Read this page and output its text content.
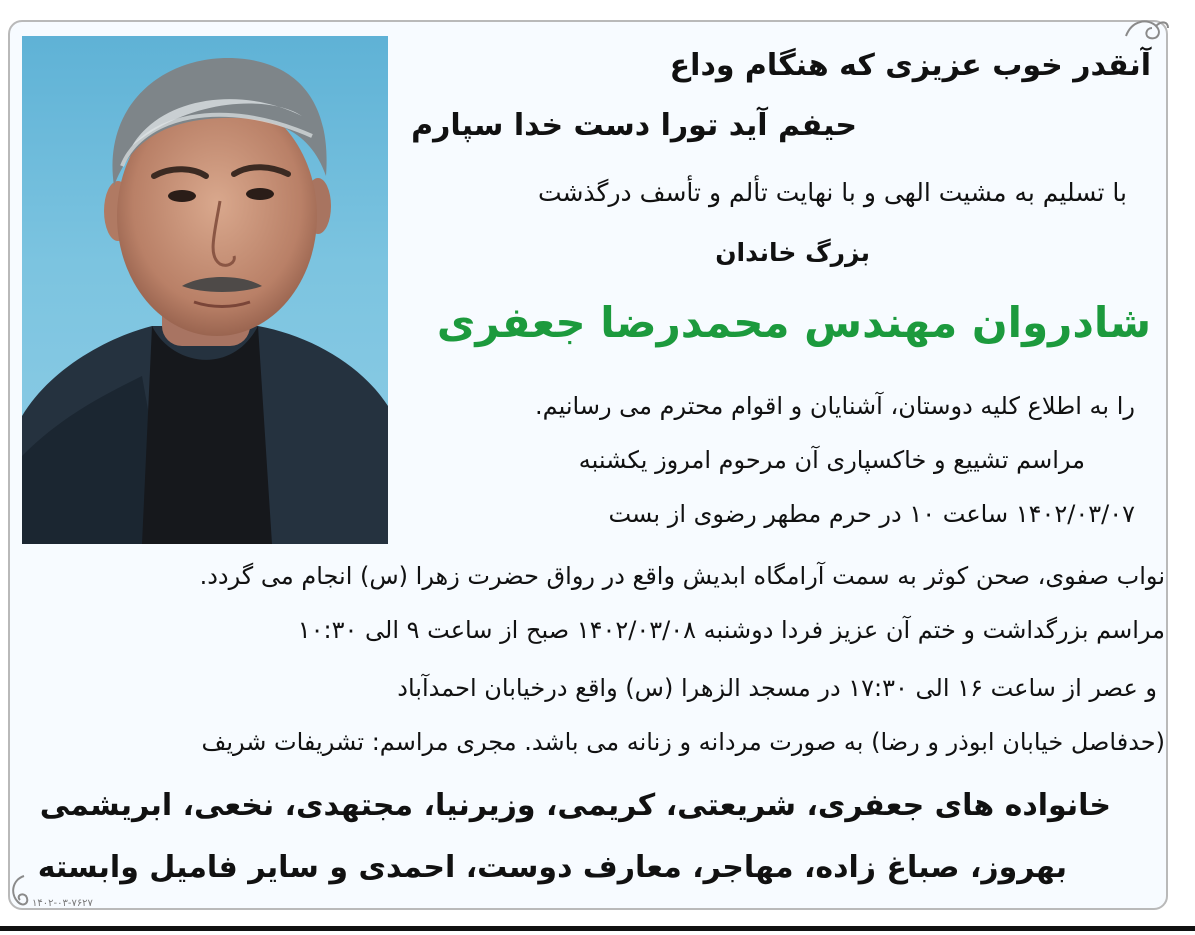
آنقدر خوب عزیزی که هنگام وداع
حیفم آید تورا دست خدا سپارم
با تسلیم به مشیت الهی و با نهایت تألم و تأسف درگذشت
بزرگ خاندان
شادروان مهندس محمدرضا جعفری
را به اطلاع کلیه دوستان، آشنایان و اقوام محترم می رسانیم.
مراسم تشییع و خاکسپاری آن مرحوم امروز یکشنبه
۱۴۰۲/۰۳/۰۷ ساعت ۱۰ در حرم مطهر رضوی از بست
نواب صفوی، صحن کوثر به سمت آرامگاه ابدیش واقع در رواق حضرت زهرا (س) انجام می گردد.
مراسم بزرگداشت و ختم آن عزیز فردا دوشنبه ۱۴۰۲/۰۳/۰۸ صبح از ساعت ۹ الی ۱۰:۳۰
و عصر از ساعت ۱۶ الی ۱۷:۳۰ در مسجد الزهرا (س) واقع درخیابان احمدآباد
(حدفاصل خیابان ابوذر و رضا) به صورت مردانه و زنانه می باشد. مجری مراسم: تشریفات شریف
خانواده های جعفری، شریعتی، کریمی، وزیرنیا، مجتهدی، نخعی، ابریشمی
بهروز، صباغ زاده، مهاجر، معارف دوست، احمدی و سایر فامیل وابسته
۱۴۰۲-۰۳-۷۶۲۷
